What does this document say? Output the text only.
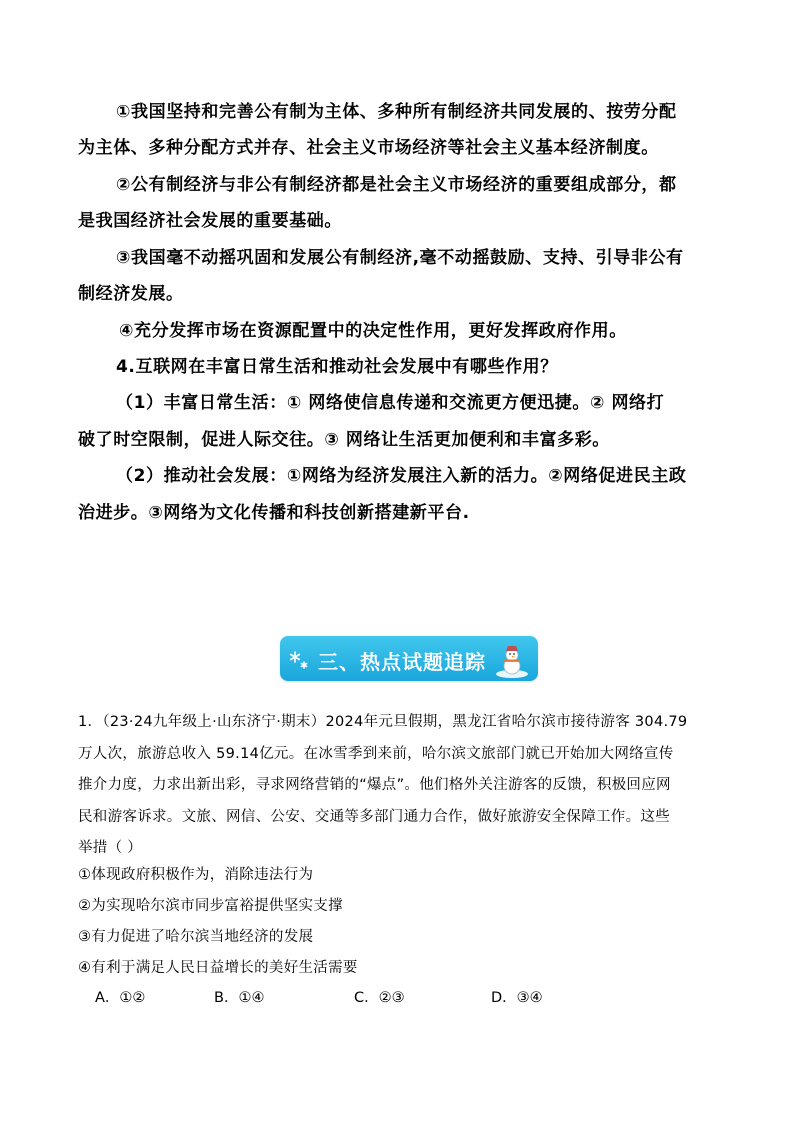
①我国坚持和完善公有制为主体、多种所有制经济共同发展的、按劳分配
为主体、多种分配方式并存、社会主义市场经济等社会主义基本经济制度。
②公有制经济与非公有制经济都是社会主义市场经济的重要组成部分，都
是我国经济社会发展的重要基础。
③我国毫不动摇巩固和发展公有制经济,毫不动摇鼓励、支持、引导非公有
制经济发展。
④充分发挥市场在资源配置中的决定性作用，更好发挥政府作用。
4.互联网在丰富日常生活和推动社会发展中有哪些作用？
（1）丰富日常生活：① 网络使信息传递和交流更方便迅捷。② 网络打
破了时空限制，促进人际交往。③ 网络让生活更加便利和丰富多彩。
（2）推动社会发展：①网络为经济发展注入新的活力。②网络促进民主政
治进步。③网络为文化传播和科技创新搭建新平台.
三、热点试题追踪
1．（23·24九年级上·山东济宁·期末）2024年元旦假期，黑龙江省哈尔滨市接待游客 304.79
万人次，旅游总收入 59.14亿元。在冰雪季到来前，哈尔滨文旅部门就已开始加大网络宣传
推介力度，力求出新出彩，寻求网络营销的“爆点”。他们格外关注游客的反馈，积极回应网
民和游客诉求。文旅、网信、公安、交通等多部门通力合作，做好旅游安全保障工作。这些
举措（ ）
①体现政府积极作为，消除违法行为
②为实现哈尔滨市同步富裕提供坚实支撑
③有力促进了哈尔滨当地经济的发展
④有利于满足人民日益增长的美好生活需要
A．①②	B．①④	C．②③	D．③④
